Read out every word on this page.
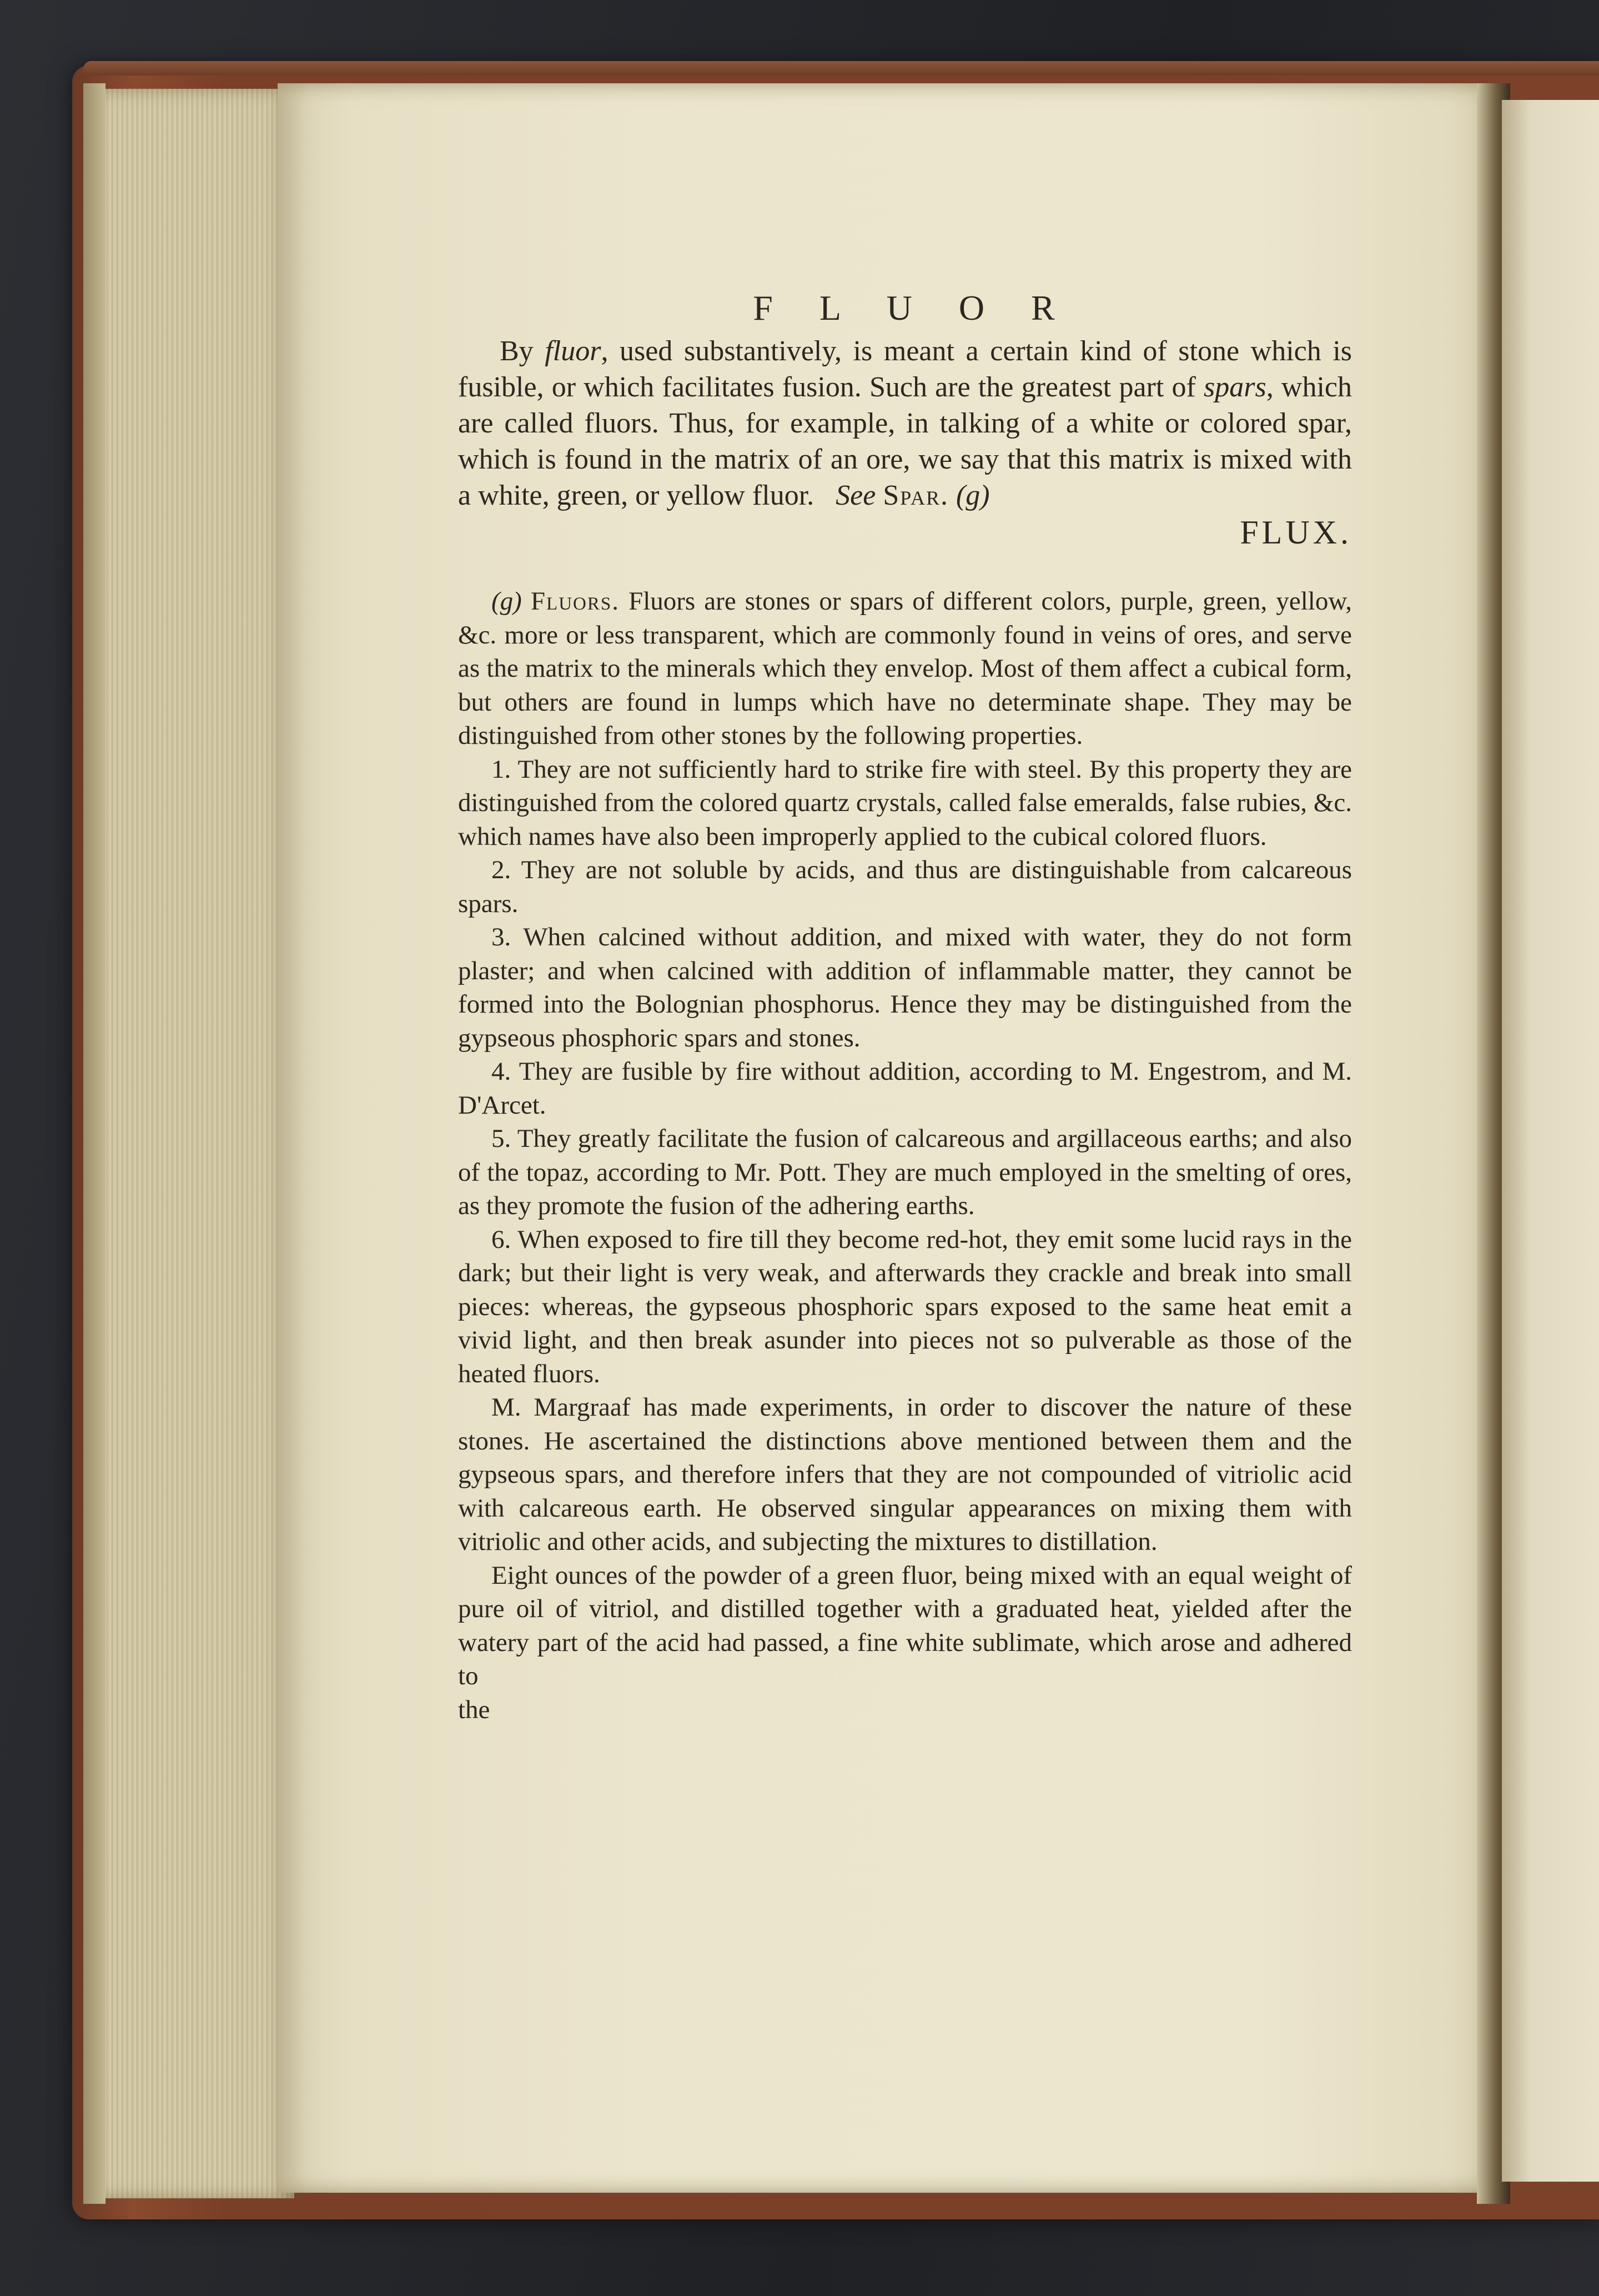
F L U O R

By fluor, used substantively, is meant a certain kind of stone which is fusible, or which facilitates fusion. Such are the greatest part of spars, which are called fluors. Thus, for example, in talking of a white or colored spar, which is found in the matrix of an ore, we say that this matrix is mixed with a white, green, or yellow fluor. See Spar. (g)

FLUX.

(g) Fluors. Fluors are stones or spars of different colors, purple, green, yellow, &c. more or less transparent, which are commonly found in veins of ores, and serve as the matrix to the minerals which they envelop. Most of them affect a cubical form, but others are found in lumps which have no determinate shape. They may be distinguished from other stones by the following properties.

1. They are not sufficiently hard to strike fire with steel. By this property they are distinguished from the colored quartz crystals, called false emeralds, false rubies, &c. which names have also been improperly applied to the cubical colored fluors.

2. They are not soluble by acids, and thus are distinguishable from calcareous spars.

3. When calcined without addition, and mixed with water, they do not form plaster; and when calcined with addition of inflammable matter, they cannot be formed into the Bolognian phosphorus. Hence they may be distinguished from the gypseous phosphoric spars and stones.

4. They are fusible by fire without addition, according to M. Engestrom, and M. D'Arcet.

5. They greatly facilitate the fusion of calcareous and argillaceous earths; and also of the topaz, according to Mr. Pott. They are much employed in the smelting of ores, as they promote the fusion of the adhering earths.

6. When exposed to fire till they become red-hot, they emit some lucid rays in the dark; but their light is very weak, and afterwards they crackle and break into small pieces: whereas, the gypseous phosphoric spars exposed to the same heat emit a vivid light, and then break asunder into pieces not so pulverable as those of the heated fluors.

M. Margraaf has made experiments, in order to discover the nature of these stones. He ascertained the distinctions above mentioned between them and the gypseous spars, and therefore infers that they are not compounded of vitriolic acid with calcareous earth. He observed singular appearances on mixing them with vitriolic and other acids, and subjecting the mixtures to distillation.

Eight ounces of the powder of a green fluor, being mixed with an equal weight of pure oil of vitriol, and distilled together with a graduated heat, yielded after the watery part of the acid had passed, a fine white sublimate, which arose and adhered to

the
